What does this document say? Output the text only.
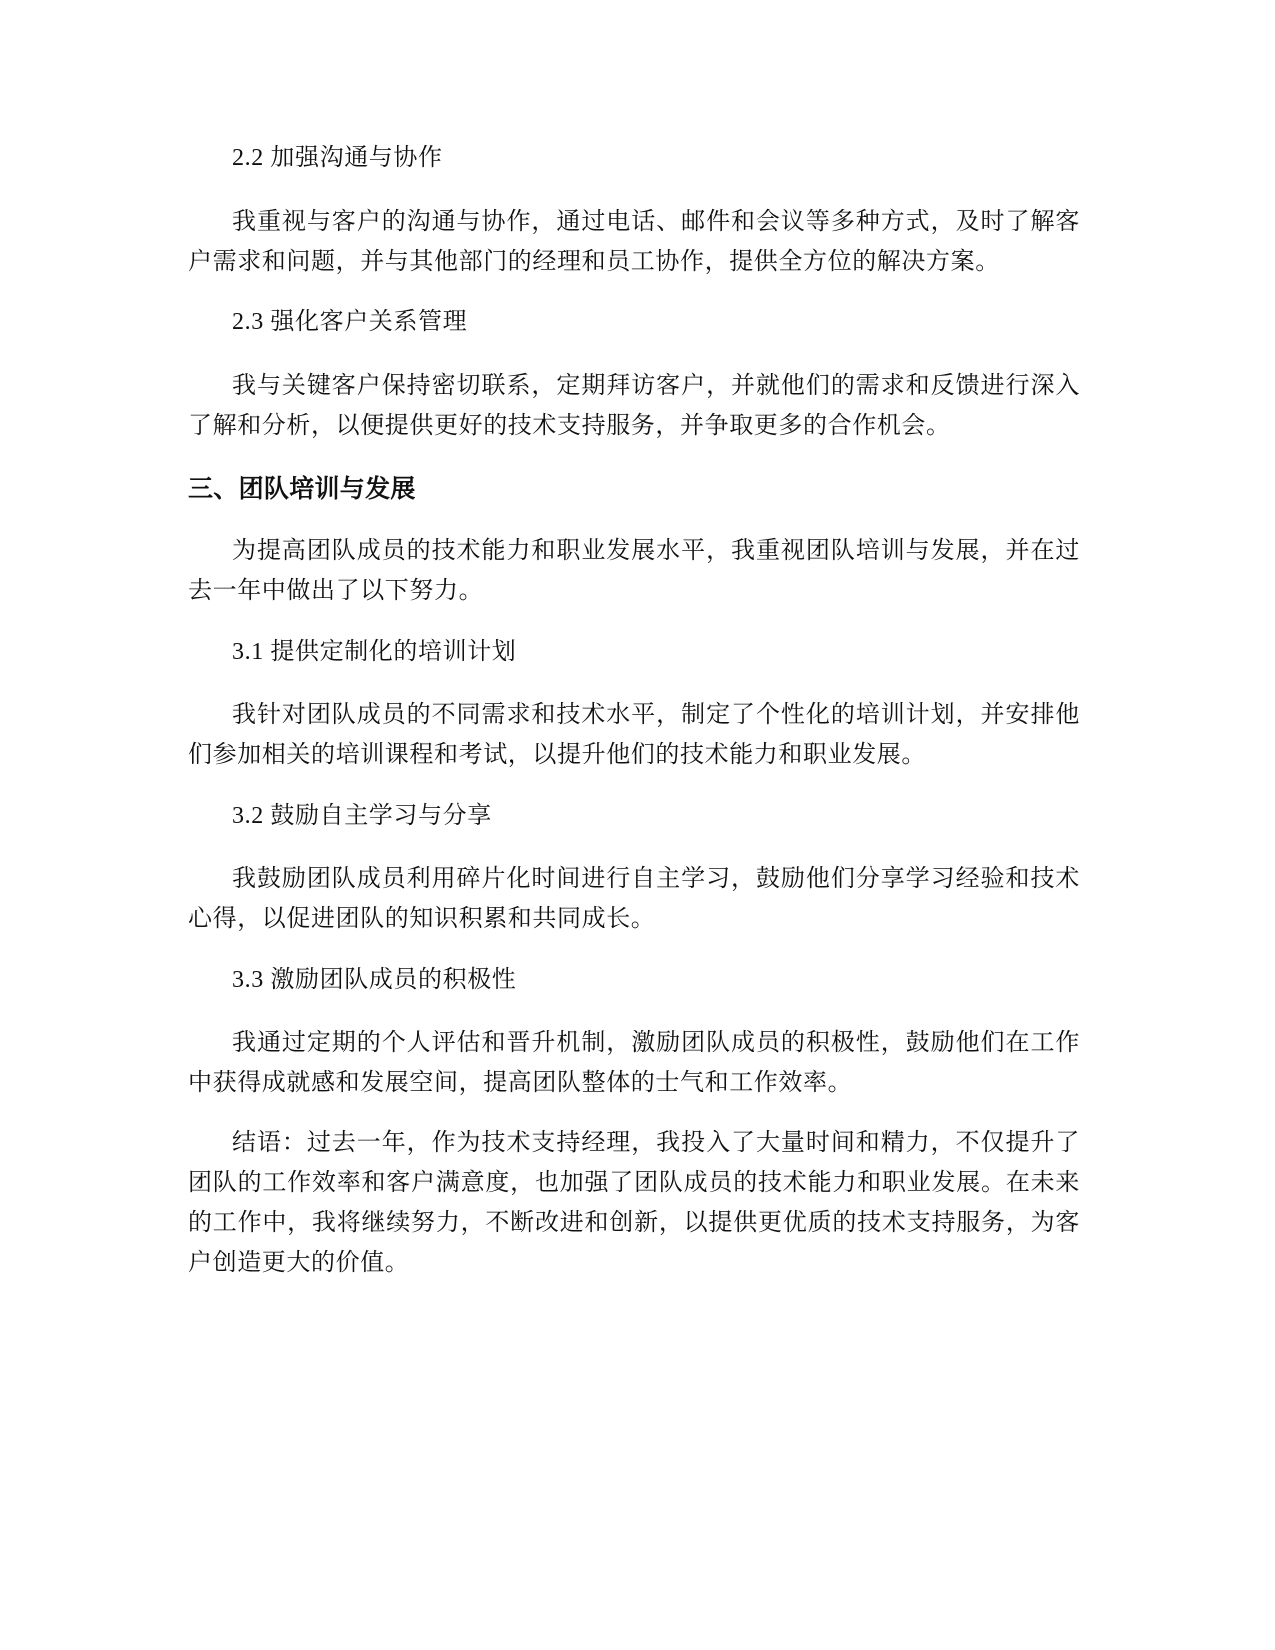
2.2 加强沟通与协作

我重视与客户的沟通与协作，通过电话、邮件和会议等多种方式，及时了解客户需求和问题，并与其他部门的经理和员工协作，提供全方位的解决方案。

2.3 强化客户关系管理

我与关键客户保持密切联系，定期拜访客户，并就他们的需求和反馈进行深入了解和分析，以便提供更好的技术支持服务，并争取更多的合作机会。

三、团队培训与发展

为提高团队成员的技术能力和职业发展水平，我重视团队培训与发展，并在过去一年中做出了以下努力。

3.1 提供定制化的培训计划

我针对团队成员的不同需求和技术水平，制定了个性化的培训计划，并安排他们参加相关的培训课程和考试，以提升他们的技术能力和职业发展。

3.2 鼓励自主学习与分享

我鼓励团队成员利用碎片化时间进行自主学习，鼓励他们分享学习经验和技术心得，以促进团队的知识积累和共同成长。

3.3 激励团队成员的积极性

我通过定期的个人评估和晋升机制，激励团队成员的积极性，鼓励他们在工作中获得成就感和发展空间，提高团队整体的士气和工作效率。

结语：过去一年，作为技术支持经理，我投入了大量时间和精力，不仅提升了团队的工作效率和客户满意度，也加强了团队成员的技术能力和职业发展。在未来的工作中，我将继续努力，不断改进和创新，以提供更优质的技术支持服务，为客户创造更大的价值。
